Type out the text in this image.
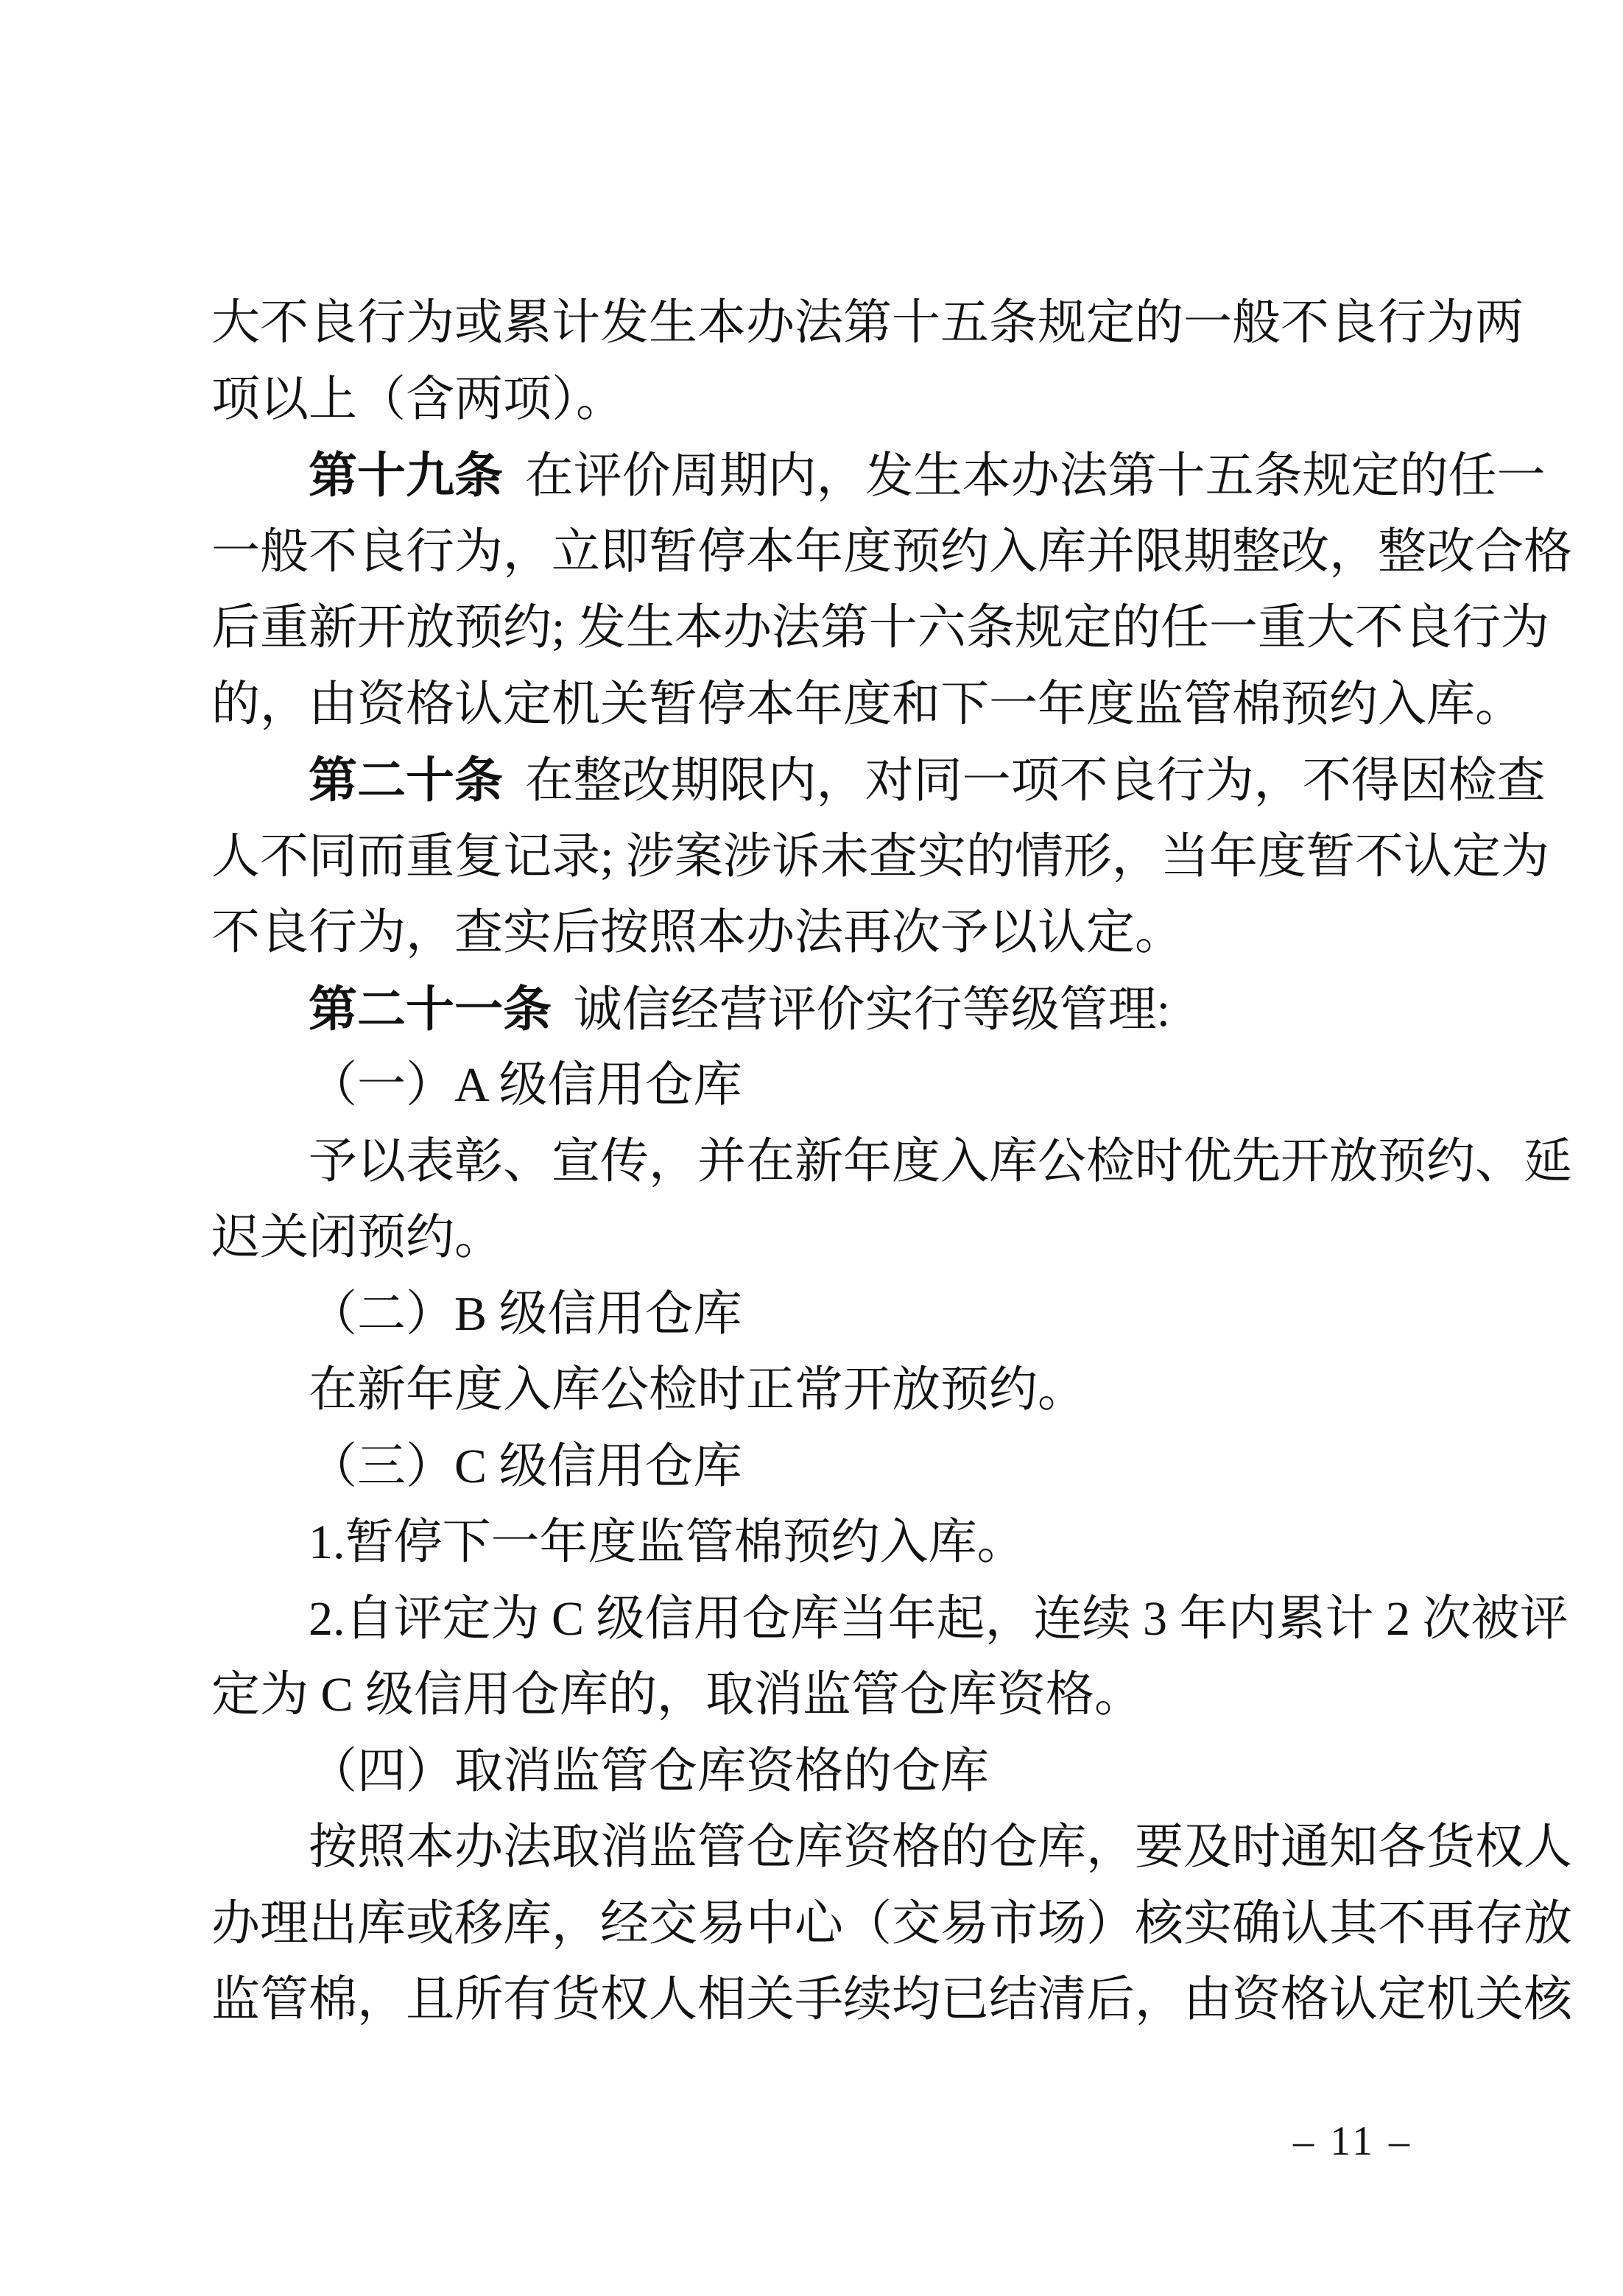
大不良行为或累计发生本办法第十五条规定的一般不良行为两
项以上（含两项）。
第十九条 在评价周期内，发生本办法第十五条规定的任一
一般不良行为，立即暂停本年度预约入库并限期整改，整改合格
后重新开放预约; 发生本办法第十六条规定的任一重大不良行为
的，由资格认定机关暂停本年度和下一年度监管棉预约入库。
第二十条 在整改期限内，对同一项不良行为，不得因检查
人不同而重复记录; 涉案涉诉未查实的情形，当年度暂不认定为
不良行为，查实后按照本办法再次予以认定。
第二十一条 诚信经营评价实行等级管理:
（一）A 级信用仓库
予以表彰、宣传，并在新年度入库公检时优先开放预约、延
迟关闭预约。
（二）B 级信用仓库
在新年度入库公检时正常开放预约。
（三）C 级信用仓库
1.暂停下一年度监管棉预约入库。
2.自评定为 C 级信用仓库当年起，连续 3 年内累计 2 次被评
定为 C 级信用仓库的，取消监管仓库资格。
（四）取消监管仓库资格的仓库
按照本办法取消监管仓库资格的仓库，要及时通知各货权人
办理出库或移库，经交易中心（交易市场）核实确认其不再存放
监管棉，且所有货权人相关手续均已结清后，由资格认定机关核
– 11 –
